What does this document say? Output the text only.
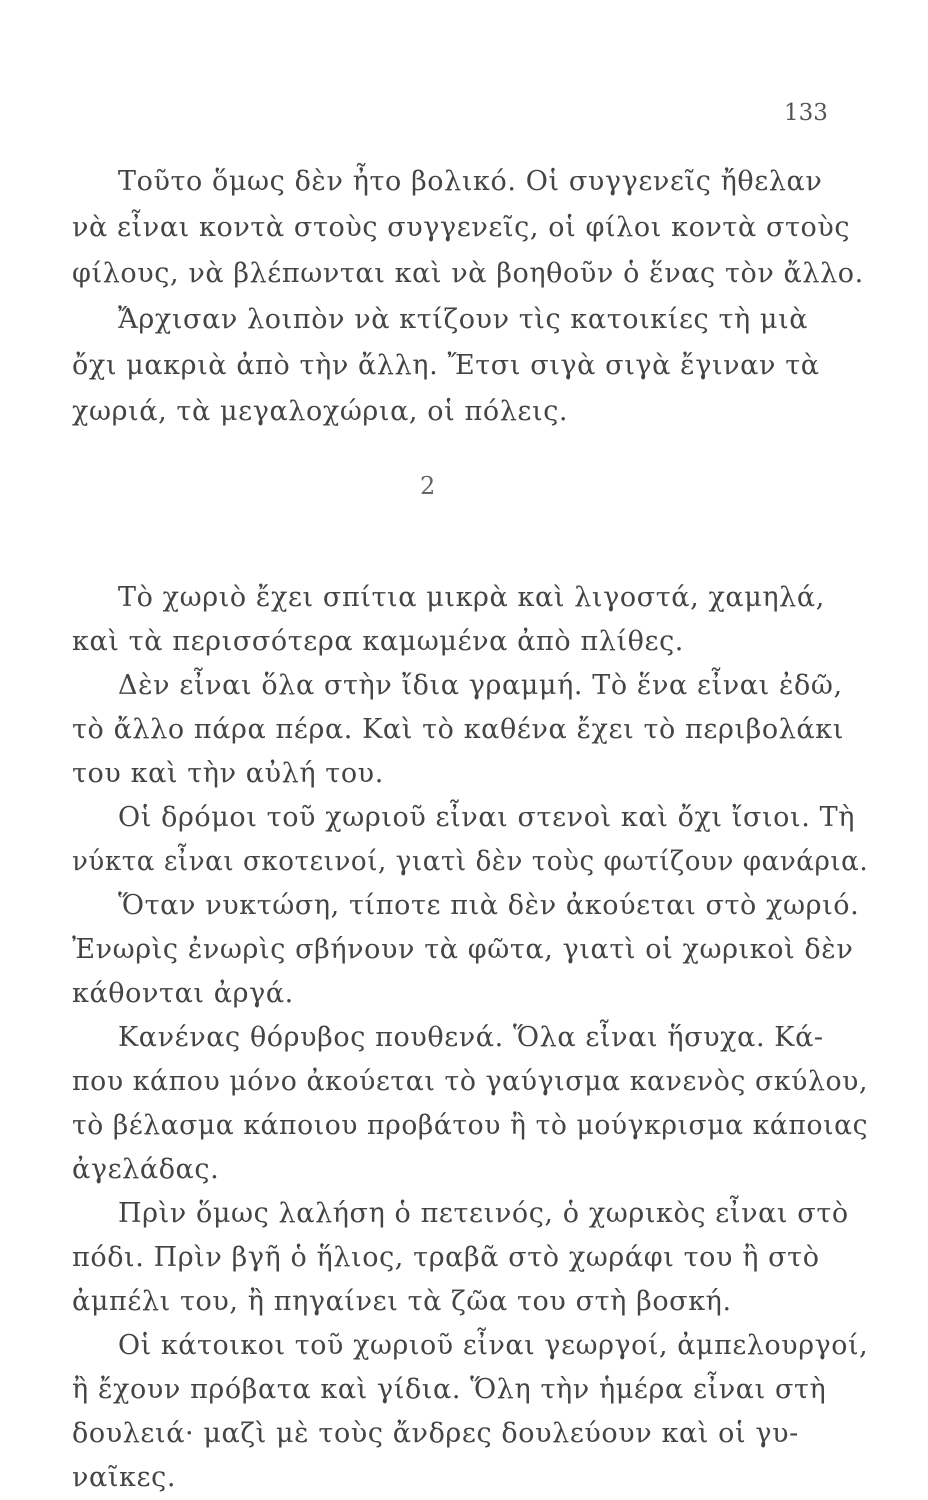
133
Τοῦτο ὅμως δὲν ἦτο βολικό. Οἱ συγγενεῖς ἤθελαν
νὰ εἶναι κοντὰ στοὺς συγγενεῖς, οἱ φίλοι κοντὰ στοὺς
φίλους, νὰ βλέπωνται καὶ νὰ βοηθοῦν ὁ ἕνας τὸν ἄλλο.
Ἄρχισαν λοιπὸν νὰ κτίζουν τὶς κατοικίες τὴ μιὰ
ὄχι μακριὰ ἀπὸ τὴν ἄλλη. Ἔτσι σιγὰ σιγὰ ἔγιναν τὰ
χωριά, τὰ μεγαλοχώρια, οἱ πόλεις.
2
Τὸ χωριὸ ἔχει σπίτια μικρὰ καὶ λιγοστά, χαμηλά,
καὶ τὰ περισσότερα καμωμένα ἀπὸ πλίθες.
Δὲν εἶναι ὅλα στὴν ἴδια γραμμή. Τὸ ἕνα εἶναι ἐδῶ,
τὸ ἄλλο πάρα πέρα. Καὶ τὸ καθένα ἔχει τὸ περιβολάκι
του καὶ τὴν αὐλή του.
Οἱ δρόμοι τοῦ χωριοῦ εἶναι στενοὶ καὶ ὄχι ἴσιοι. Τὴ
νύκτα εἶναι σκοτεινοί, γιατὶ δὲν τοὺς φωτίζουν φανάρια.
Ὅταν νυκτώση, τίποτε πιὰ δὲν ἀκούεται στὸ χωριό.
Ἐνωρὶς ἐνωρὶς σβήνουν τὰ φῶτα, γιατὶ οἱ χωρικοὶ δὲν
κάθονται ἀργά.
Κανένας θόρυβος πουθενά. Ὅλα εἶναι ἥσυχα. Κά-
που κάπου μόνο ἀκούεται τὸ γαύγισμα κανενὸς σκύλου,
τὸ βέλασμα κάποιου προβάτου ἢ τὸ μούγκρισμα κάποιας
ἀγελάδας.
Πρὶν ὅμως λαλήση ὁ πετεινός, ὁ χωρικὸς εἶναι στὸ
πόδι. Πρὶν βγῆ ὁ ἥλιος, τραβᾶ στὸ χωράφι του ἢ στὸ
ἀμπέλι του, ἢ πηγαίνει τὰ ζῶα του στὴ βοσκή.
Οἱ κάτοικοι τοῦ χωριοῦ εἶναι γεωργοί, ἀμπελουργοί,
ἢ ἔχουν πρόβατα καὶ γίδια. Ὅλη τὴν ἡμέρα εἶναι στὴ
δουλειά· μαζὶ μὲ τοὺς ἄνδρες δουλεύουν καὶ οἱ γυ-
ναῖκες.
